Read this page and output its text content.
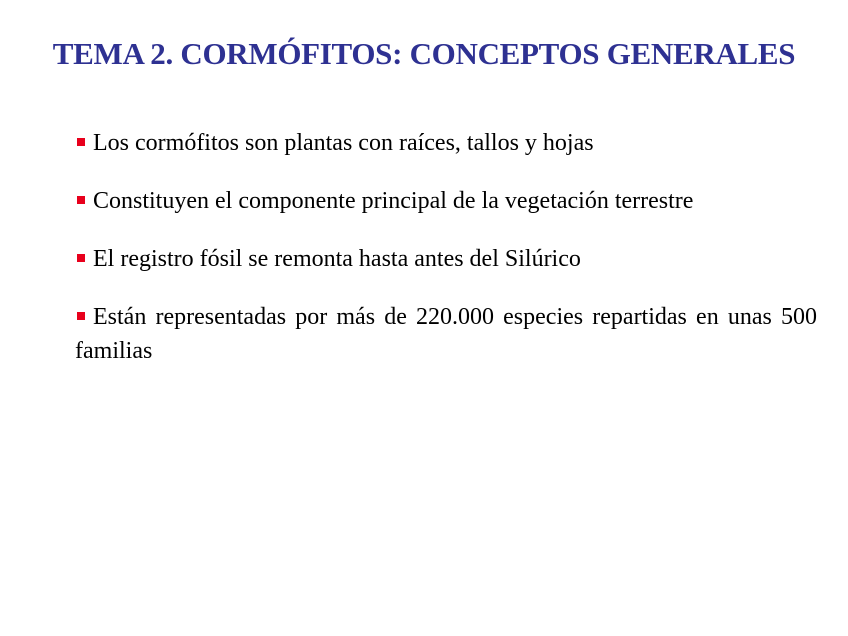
TEMA 2. CORMÓFITOS: CONCEPTOS GENERALES
Los cormófitos son plantas con raíces, tallos y hojas
Constituyen el componente principal de la vegetación terrestre
El registro fósil se remonta hasta antes del Silúrico
Están representadas por más de 220.000 especies repartidas en unas 500 familias
